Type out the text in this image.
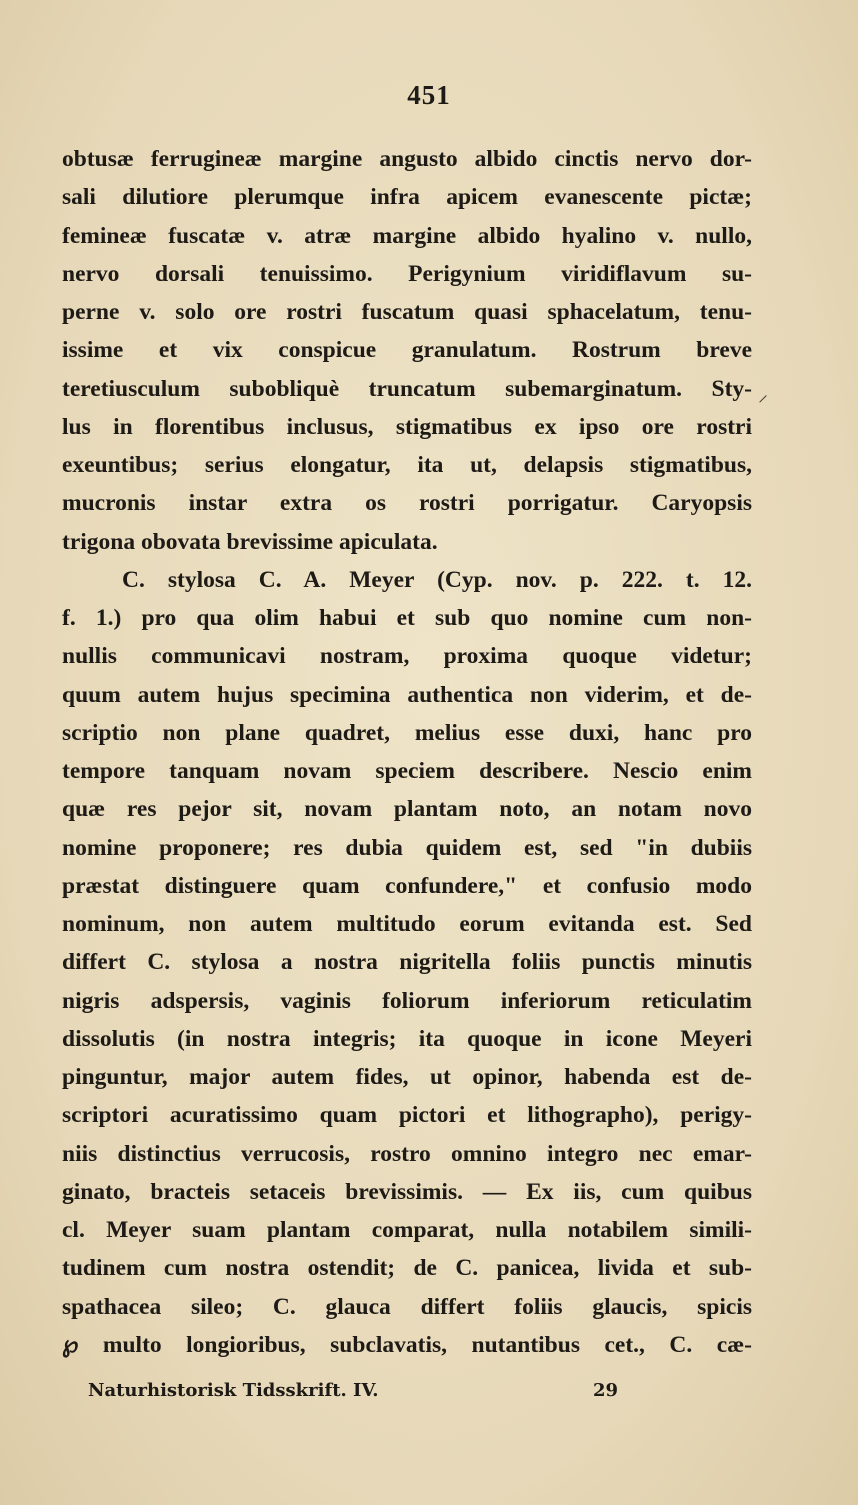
451
obtusæ ferrugineæ margine angusto albido cinctis nervo dor-
sali dilutiore plerumque infra apicem evanescente pictæ;
femineæ fuscatæ v. atræ margine albido hyalino v. nullo,
nervo dorsali tenuissimo. Perigynium viridiflavum su-
perne v. solo ore rostri fuscatum quasi sphacelatum, tenu-
issime et vix conspicue granulatum. Rostrum breve
teretiusculum subobliquè truncatum subemarginatum. Sty-
lus in florentibus inclusus, stigmatibus ex ipso ore rostri
exeuntibus; serius elongatur, ita ut, delapsis stigmatibus,
mucronis instar extra os rostri porrigatur. Caryopsis
trigona obovata brevissime apiculata.
C. stylosa C. A. Meyer (Cyp. nov. p. 222. t. 12.
f. 1.) pro qua olim habui et sub quo nomine cum non-
nullis communicavi nostram, proxima quoque videtur;
quum autem hujus specimina authentica non viderim, et de-
scriptio non plane quadret, melius esse duxi, hanc pro
tempore tanquam novam speciem describere. Nescio enim
quæ res pejor sit, novam plantam noto, an notam novo
nomine proponere; res dubia quidem est, sed "in dubiis
præstat distinguere quam confundere," et confusio modo
nominum, non autem multitudo eorum evitanda est. Sed
differt C. stylosa a nostra nigritella foliis punctis minutis
nigris adspersis, vaginis foliorum inferiorum reticulatim
dissolutis (in nostra integris; ita quoque in icone Meyeri
pinguntur, major autem fides, ut opinor, habenda est de-
scriptori acuratissimo quam pictori et lithographo), perigy-
niis distinctius verrucosis, rostro omnino integro nec emar-
ginato, bracteis setaceis brevissimis. — Ex iis, cum quibus
cl. Meyer suam plantam comparat, nulla notabilem simili-
tudinem cum nostra ostendit; de C. panicea, livida et sub-
spathacea sileo; C. glauca differt foliis glaucis, spicis
℘ multo longioribus, subclavatis, nutantibus cet., C. cæ-
⸝
Naturhistorisk Tidsskrift. IV.	29
